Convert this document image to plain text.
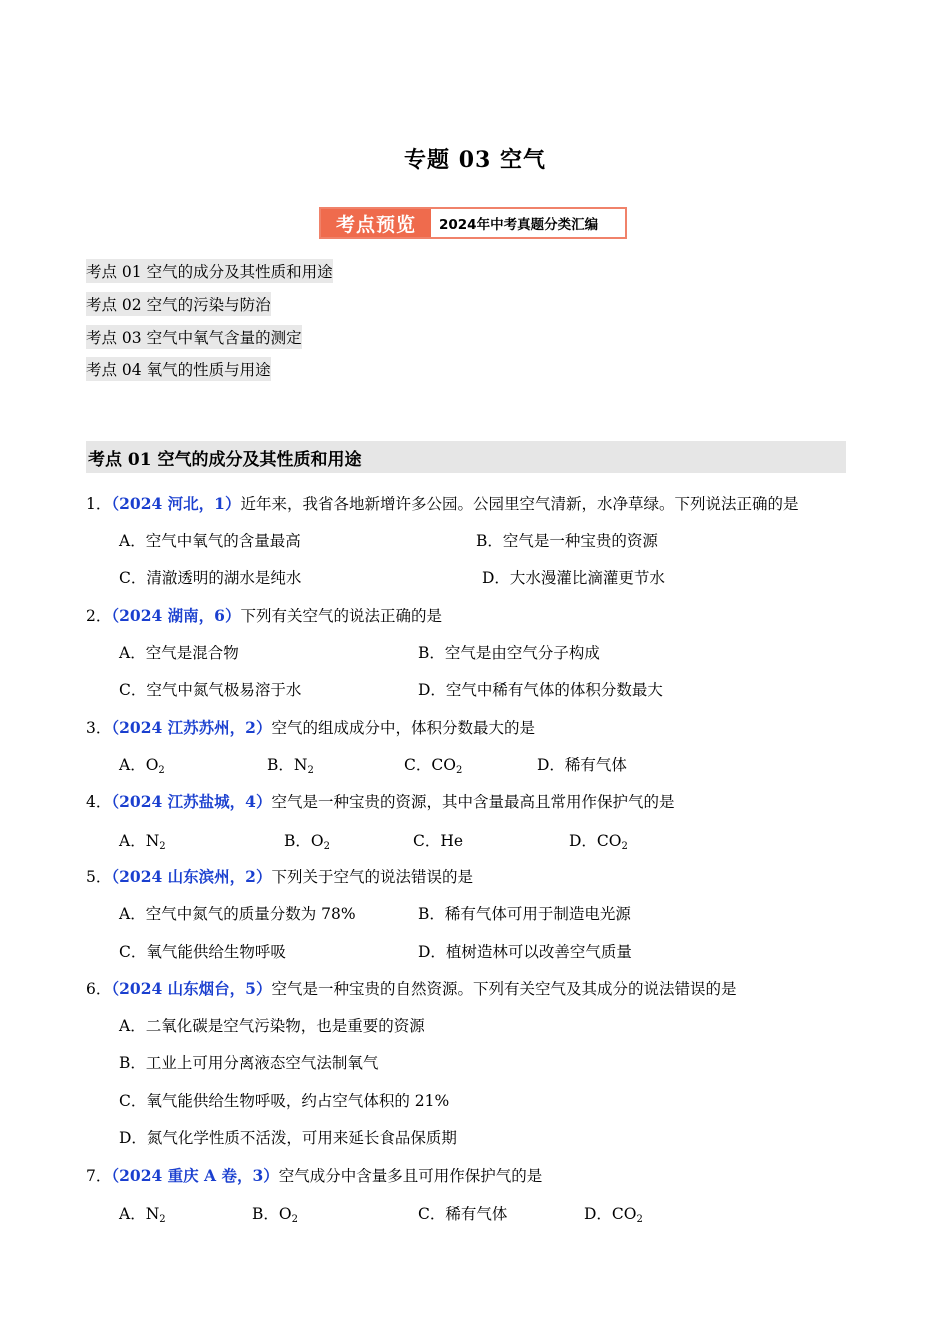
专题 03 空气
考点预览	2024年中考真题分类汇编
考点 01 空气的成分及其性质和用途
考点 02 空气的污染与防治
考点 03 空气中氧气含量的测定
考点 04 氧气的性质与用途
考点 01 空气的成分及其性质和用途
1．（2024 河北，1）近年来，我省各地新增许多公园。公园里空气清新，水净草绿。下列说法正确的是
A．空气中氧气的含量最高	B．空气是一种宝贵的资源
C．清澈透明的湖水是纯水	D．大水漫灌比滴灌更节水
2．（2024 湖南，6）下列有关空气的说法正确的是
A．空气是混合物	B．空气是由空气分子构成
C．空气中氮气极易溶于水	D．空气中稀有气体的体积分数最大
3．（2024 江苏苏州，2）空气的组成成分中，体积分数最大的是
A．$O_2$	B．$N_2$	C．$CO_2$	D．稀有气体
4．（2024 江苏盐城，4）空气是一种宝贵的资源，其中含量最高且常用作保护气的是
A．$N_2$	B．$O_2$	C．He	D．$CO_2$
5．（2024 山东滨州，2）下列关于空气的说法错误的是
A．空气中氮气的质量分数为 78%	B．稀有气体可用于制造电光源
C．氧气能供给生物呼吸	D．植树造林可以改善空气质量
6．（2024 山东烟台，5）空气是一种宝贵的自然资源。下列有关空气及其成分的说法错误的是
A．二氧化碳是空气污染物，也是重要的资源
B．工业上可用分离液态空气法制氧气
C．氧气能供给生物呼吸，约占空气体积的 21%
D．氮气化学性质不活泼，可用来延长食品保质期
7．（2024 重庆 A 卷，3）空气成分中含量多且可用作保护气的是
A．$N_2$	B．$O_2$	C．稀有气体	D．$CO_2$
